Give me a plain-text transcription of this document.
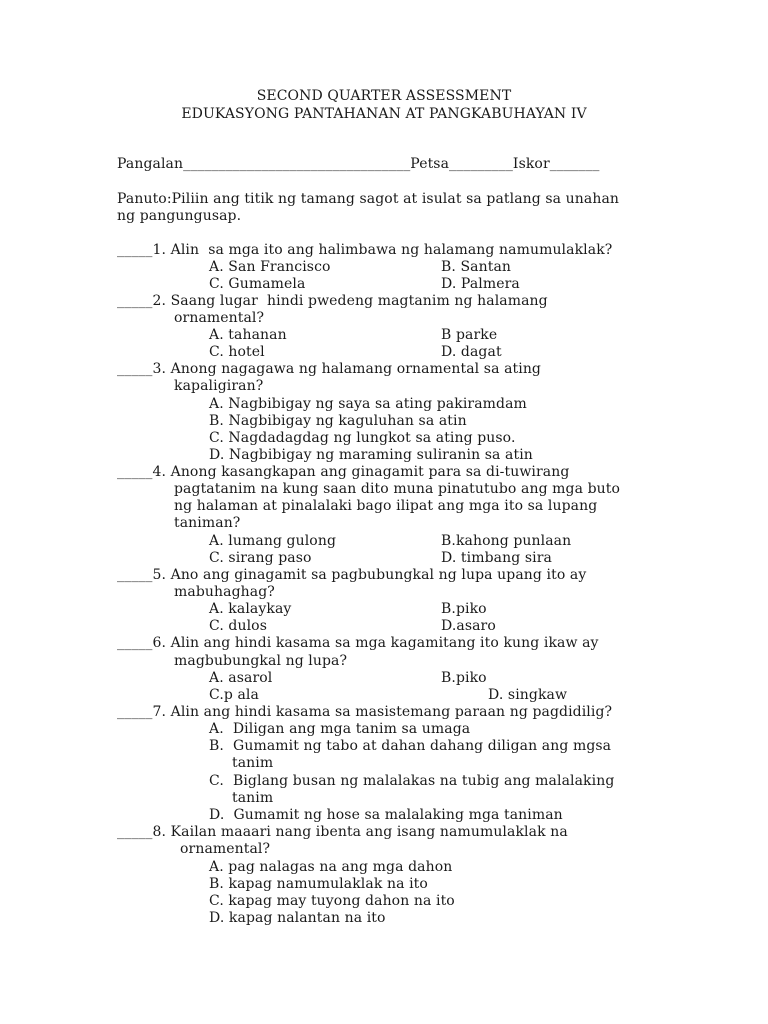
SECOND QUARTER ASSESSMENT
EDUKASYONG PANTAHANAN AT PANGKABUHAYAN IV
Pangalan________________________________Petsa_________Iskor_______
Panuto:Piliin ang titik ng tamang sagot at isulat sa patlang sa unahan
ng pangungusap.
_____1. Alin  sa mga ito ang halimbawa ng halamang namumulaklak?
A. San Francisco	B. Santan
C. Gumamela	D. Palmera
_____2. Saang lugar  hindi pwedeng magtanim ng halamang
ornamental?
A. tahanan	B parke
C. hotel	D. dagat
_____3. Anong nagagawa ng halamang ornamental sa ating
kapaligiran?
A. Nagbibigay ng saya sa ating pakiramdam
B. Nagbibigay ng kaguluhan sa atin
C. Nagdadagdag ng lungkot sa ating puso.
D. Nagbibigay ng maraming suliranin sa atin
_____4. Anong kasangkapan ang ginagamit para sa di-tuwirang
pagtatanim na kung saan dito muna pinatutubo ang mga buto
ng halaman at pinalalaki bago ilipat ang mga ito sa lupang
taniman?
A. lumang gulong	B.kahong punlaan
C. sirang paso	D. timbang sira
_____5. Ano ang ginagamit sa pagbubungkal ng lupa upang ito ay
mabuhaghag?
A. kalaykay	B.piko
C. dulos	D.asaro
_____6. Alin ang hindi kasama sa mga kagamitang ito kung ikaw ay
magbubungkal ng lupa?
A. asarol	B.piko
C.p ala	D. singkaw
_____7. Alin ang hindi kasama sa masistemang paraan ng pagdidilig?
A.  Diligan ang mga tanim sa umaga
B.  Gumamit ng tabo at dahan dahang diligan ang mgsa
tanim
C.  Biglang busan ng malalakas na tubig ang malalaking
tanim
D.  Gumamit ng hose sa malalaking mga taniman
_____8. Kailan maaari nang ibenta ang isang namumulaklak na
ornamental?
A. pag nalagas na ang mga dahon
B. kapag namumulaklak na ito
C. kapag may tuyong dahon na ito
D. kapag nalantan na ito
